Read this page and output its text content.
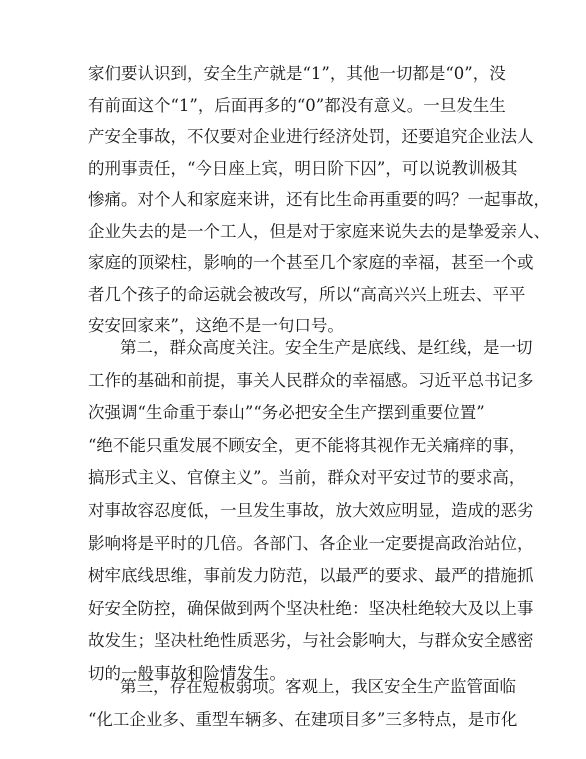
家们要认识到，安全生产就是“1”，其他一切都是“0”，没
有前面这个“1”，后面再多的“0”都没有意义。一旦发生生
产安全事故，不仅要对企业进行经济处罚，还要追究企业法人
的刑事责任，“今日座上宾，明日阶下囚”，可以说教训极其
惨痛。对个人和家庭来讲，还有比生命再重要的吗？一起事故，
企业失去的是一个工人，但是对于家庭来说失去的是挚爱亲人、
家庭的顶梁柱，影响的一个甚至几个家庭的幸福，甚至一个或
者几个孩子的命运就会被改写，所以“高高兴兴上班去、平平
安安回家来”，这绝不是一句口号。
第二，群众高度关注。安全生产是底线、是红线，是一切
工作的基础和前提，事关人民群众的幸福感。习近平总书记多
次强调“生命重于泰山”“务必把安全生产摆到重要位置”
“绝不能只重发展不顾安全，更不能将其视作无关痛痒的事，
搞形式主义、官僚主义”。当前，群众对平安过节的要求高，
对事故容忍度低，一旦发生事故，放大效应明显，造成的恶劣
影响将是平时的几倍。各部门、各企业一定要提高政治站位，
树牢底线思维，事前发力防范，以最严的要求、最严的措施抓
好安全防控，确保做到两个坚决杜绝：坚决杜绝较大及以上事
故发生；坚决杜绝性质恶劣，与社会影响大，与群众安全感密
切的一般事故和险情发生。
第三，存在短板弱项。客观上，我区安全生产监管面临
“化工企业多、重型车辆多、在建项目多”三多特点，是市化
